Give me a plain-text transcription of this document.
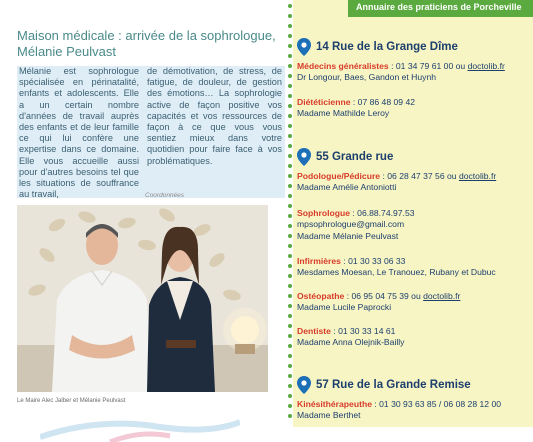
Maison médicale : arrivée de la sophrologue,
Mélanie Peulvast
Mélanie est sophrologue spécialisée en périnatalité, enfants et adolescents. Elle a un certain nombre d'années de travail auprès des enfants et de leur famille ce qui lui confère une expertise dans ce domaine. Elle vous accueille aussi pour d'autres besoins tel que les situations de souffrance au travail,
de démotivation, de stress, de fatigue, de douleur, de gestion des émotions… La sophrologie active de façon positive vos capacités et vos ressources de façon à ce que vous vous sentiez mieux dans votre quotidien pour faire face à vos problématiques.
Coordonnées
Le Maire Alec Jalber et Mélanie Peulvast
Annuaire des praticiens de Porcheville
14 Rue de la Grange Dîme
Médecins généralistes : 01 34 79 61 00 ou doctolib.fr
Dr Longour, Baes, Gandon et Huynh
Diététicienne : 07 86 48 09 42
Madame Mathilde Leroy
55 Grande rue
Podologue/Pédicure : 06 28 47 37 56 ou doctolib.fr
Madame Amélie Antoniotti
Sophrologue : 06.88.74.97.53
mpsophrologue@gmail.com
Madame Mélanie Peulvast
Infirmières : 01 30 33 06 33
Mesdames Moesan, Le Tranouez, Rubany et Dubuc
Ostéopathe : 06 95 04 75 39 ou doctolib.fr
Madame Lucile Paprocki
Dentiste : 01 30 33 14 61
Madame Anna Olejnik-Bailly
57 Rue de la Grande Remise
Kinésithérapeuthe : 01 30 93 63 85 / 06 08 28 12 00
Madame Berthet
